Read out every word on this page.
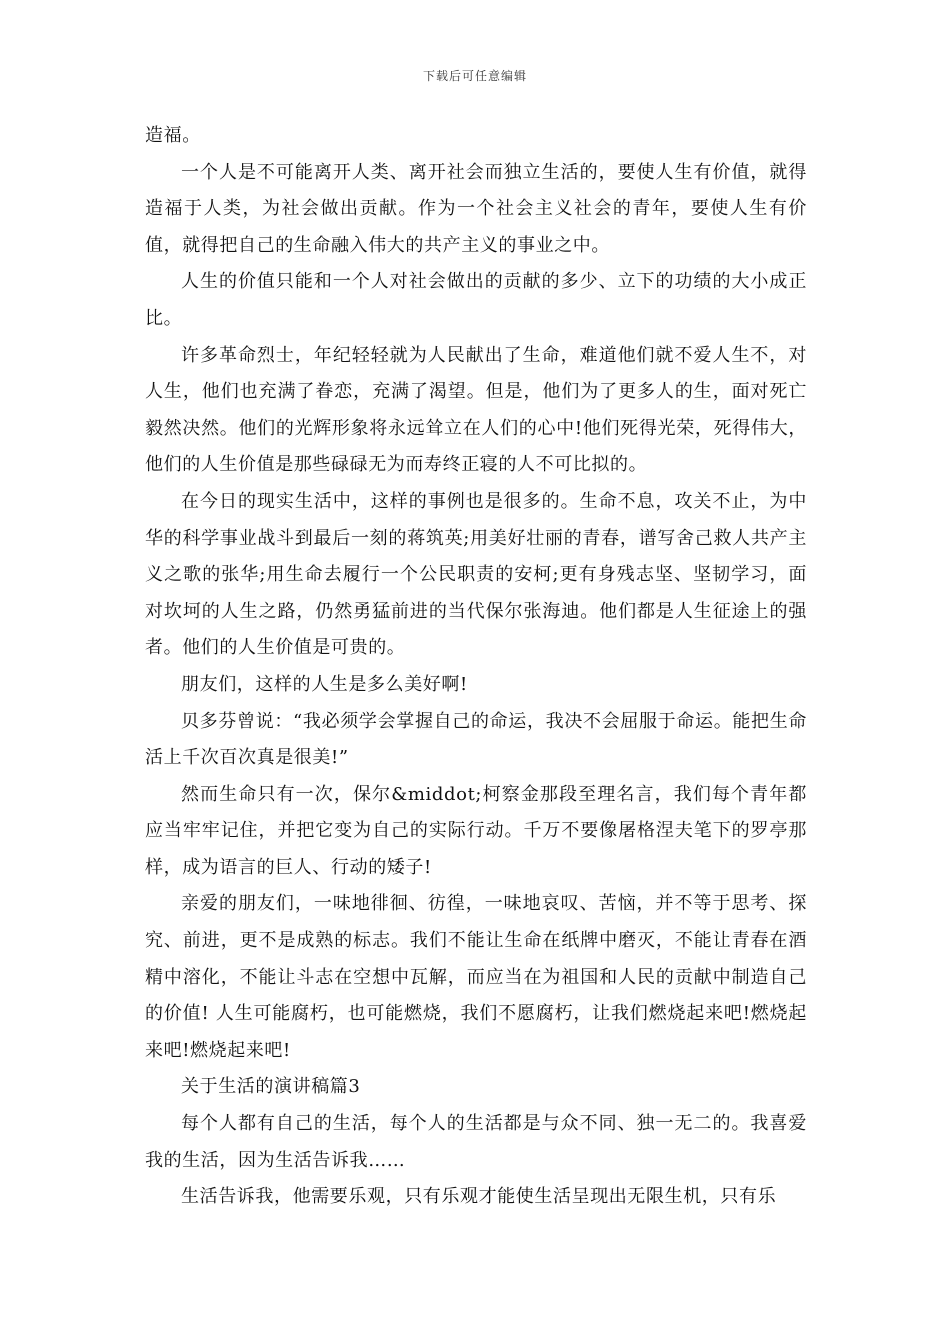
下载后可任意编辑

造福。

一个人是不可能离开人类、离开社会而独立生活的，要使人生有价值，就得造福于人类，为社会做出贡献。作为一个社会主义社会的青年，要使人生有价值，就得把自己的生命融入伟大的共产主义的事业之中。

人生的价值只能和一个人对社会做出的贡献的多少、立下的功绩的大小成正比。

许多革命烈士，年纪轻轻就为人民献出了生命，难道他们就不爱人生不，对人生，他们也充满了眷恋，充满了渴望。但是，他们为了更多人的生，面对死亡毅然决然。他们的光辉形象将永远耸立在人们的心中!他们死得光荣，死得伟大，他们的人生价值是那些碌碌无为而寿终正寝的人不可比拟的。

在今日的现实生活中，这样的事例也是很多的。生命不息，攻关不止，为中华的科学事业战斗到最后一刻的蒋筑英;用美好壮丽的青春，谱写舍己救人共产主义之歌的张华;用生命去履行一个公民职责的安柯;更有身残志坚、坚韧学习，面对坎坷的人生之路，仍然勇猛前进的当代保尔张海迪。他们都是人生征途上的强者。他们的人生价值是可贵的。

朋友们，这样的人生是多么美好啊!

贝多芬曾说：“我必须学会掌握自己的命运，我决不会屈服于命运。能把生命活上千次百次真是很美!”

然而生命只有一次，保尔&middot;柯察金那段至理名言，我们每个青年都应当牢牢记住，并把它变为自己的实际行动。千万不要像屠格涅夫笔下的罗亭那样，成为语言的巨人、行动的矮子!

亲爱的朋友们，一味地徘徊、彷徨，一味地哀叹、苦恼，并不等于思考、探究、前进，更不是成熟的标志。我们不能让生命在纸牌中磨灭，不能让青春在酒精中溶化，不能让斗志在空想中瓦解，而应当在为祖国和人民的贡献中制造自己的价值! 人生可能腐朽，也可能燃烧，我们不愿腐朽，让我们燃烧起来吧!燃烧起来吧!燃烧起来吧!

关于生活的演讲稿篇3

每个人都有自己的生活，每个人的生活都是与众不同、独一无二的。我喜爱我的生活，因为生活告诉我……

生活告诉我，他需要乐观，只有乐观才能使生活呈现出无限生机，只有乐
